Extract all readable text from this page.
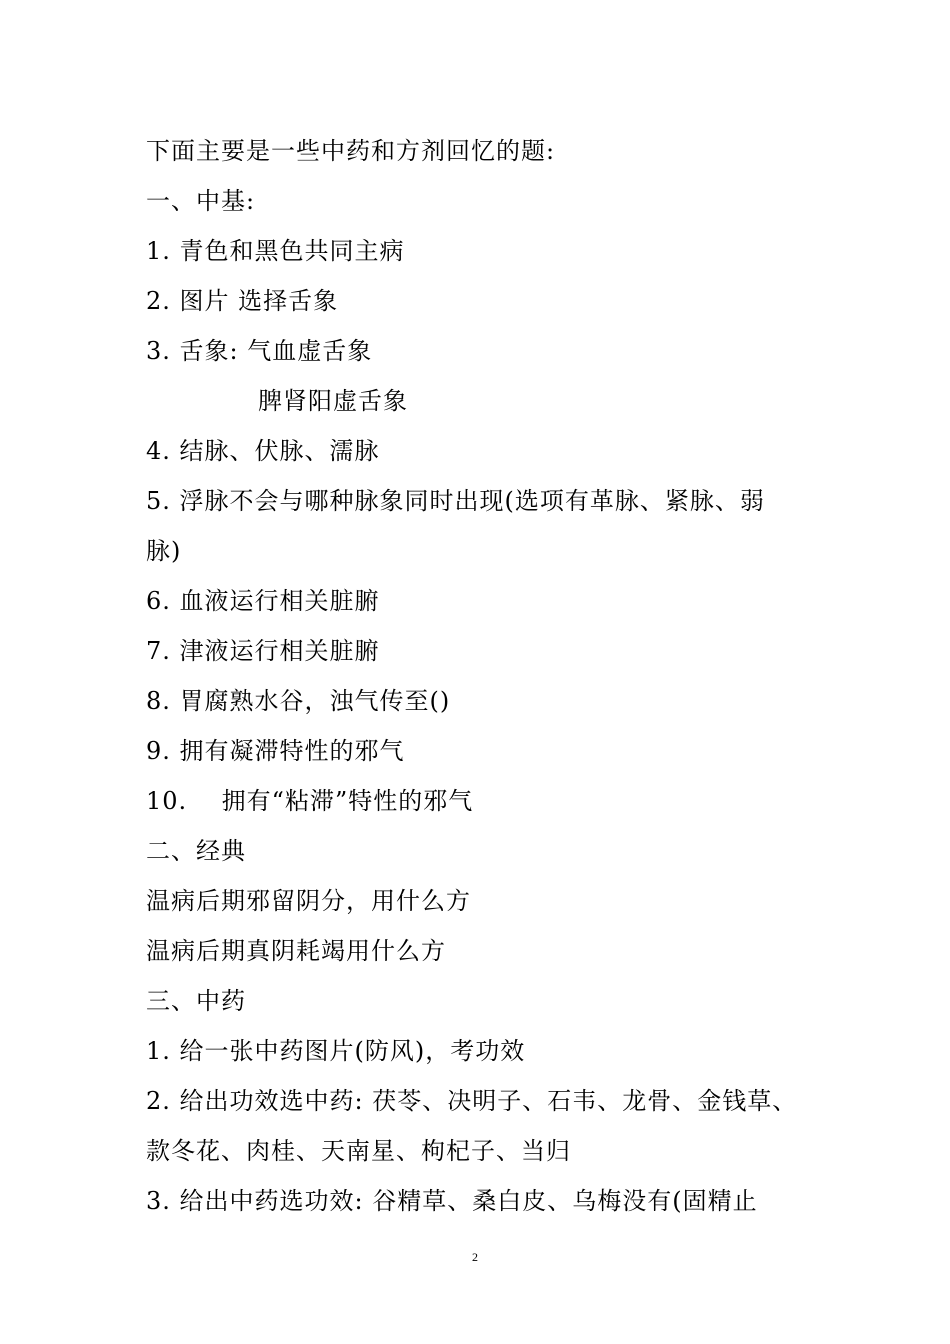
下面主要是一些中药和方剂回忆的题:
一、中基:
1. 青色和黑色共同主病
2. 图片 选择舌象
3. 舌象: 气血虚舌象
脾肾阳虚舌象
4. 结脉、伏脉、濡脉
5. 浮脉不会与哪种脉象同时出现(选项有革脉、紧脉、弱
脉)
6. 血液运行相关脏腑
7. 津液运行相关脏腑
8. 胃腐熟水谷，浊气传至()
9. 拥有凝滞特性的邪气
10.    拥有“粘滞”特性的邪气
二、经典
温病后期邪留阴分，用什么方
温病后期真阴耗竭用什么方
三、中药
1. 给一张中药图片(防风)，考功效
2. 给出功效选中药: 茯苓、决明子、石韦、龙骨、金钱草、
款冬花、肉桂、天南星、枸杞子、当归
3. 给出中药选功效: 谷精草、桑白皮、乌梅没有(固精止
2
